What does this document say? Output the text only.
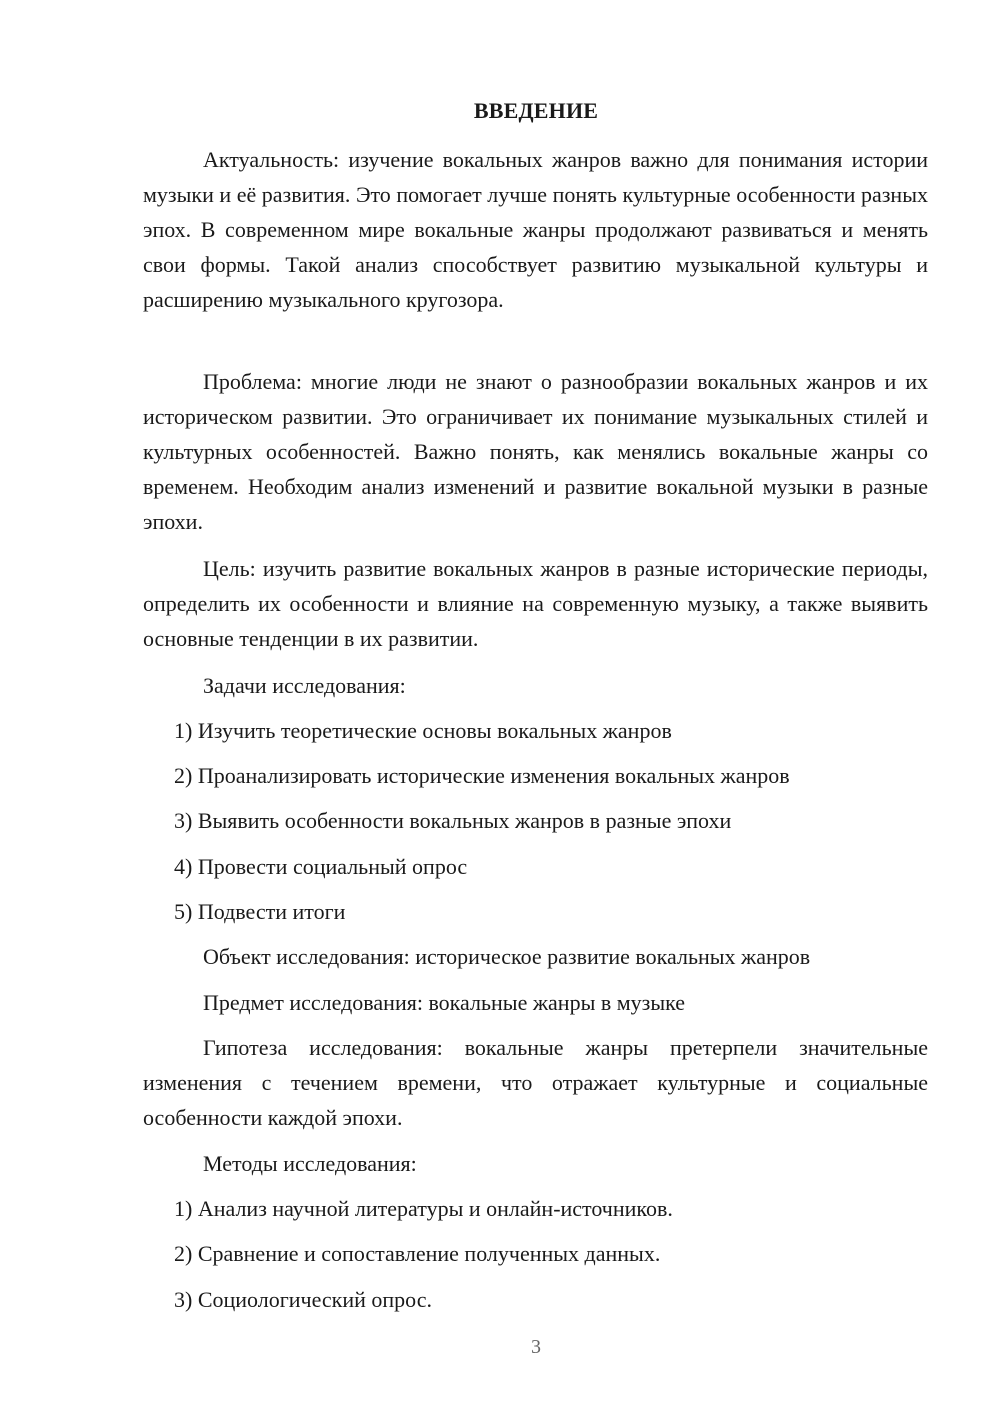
ВВЕДЕНИЕ

Актуальность: изучение вокальных жанров важно для понимания истории музыки и её развития. Это помогает лучше понять культурные особенности разных эпох. В современном мире вокальные жанры продолжают развиваться и менять свои формы. Такой анализ способствует развитию музыкальной культуры и расширению музыкального кругозора.

Проблема: многие люди не знают о разнообразии вокальных жанров и их историческом развитии. Это ограничивает их понимание музыкальных стилей и культурных особенностей. Важно понять, как менялись вокальные жанры со временем. Необходим анализ изменений и развитие вокальной музыки в разные эпохи.

Цель: изучить развитие вокальных жанров в разные исторические периоды, определить их особенности и влияние на современную музыку, а также выявить основные тенденции в их развитии.

Задачи исследования:
1) Изучить теоретические основы вокальных жанров
2) Проанализировать исторические изменения вокальных жанров
3) Выявить особенности вокальных жанров в разные эпохи
4) Провести социальный опрос
5) Подвести итоги
Объект исследования: историческое развитие вокальных жанров
Предмет исследования: вокальные жанры в музыке

Гипотеза исследования: вокальные жанры претерпели значительные изменения с течением времени, что отражает культурные и социальные особенности каждой эпохи.

Методы исследования:
1) Анализ научной литературы и онлайн-источников.
2) Сравнение и сопоставление полученных данных.
3) Социологический опрос.
3
